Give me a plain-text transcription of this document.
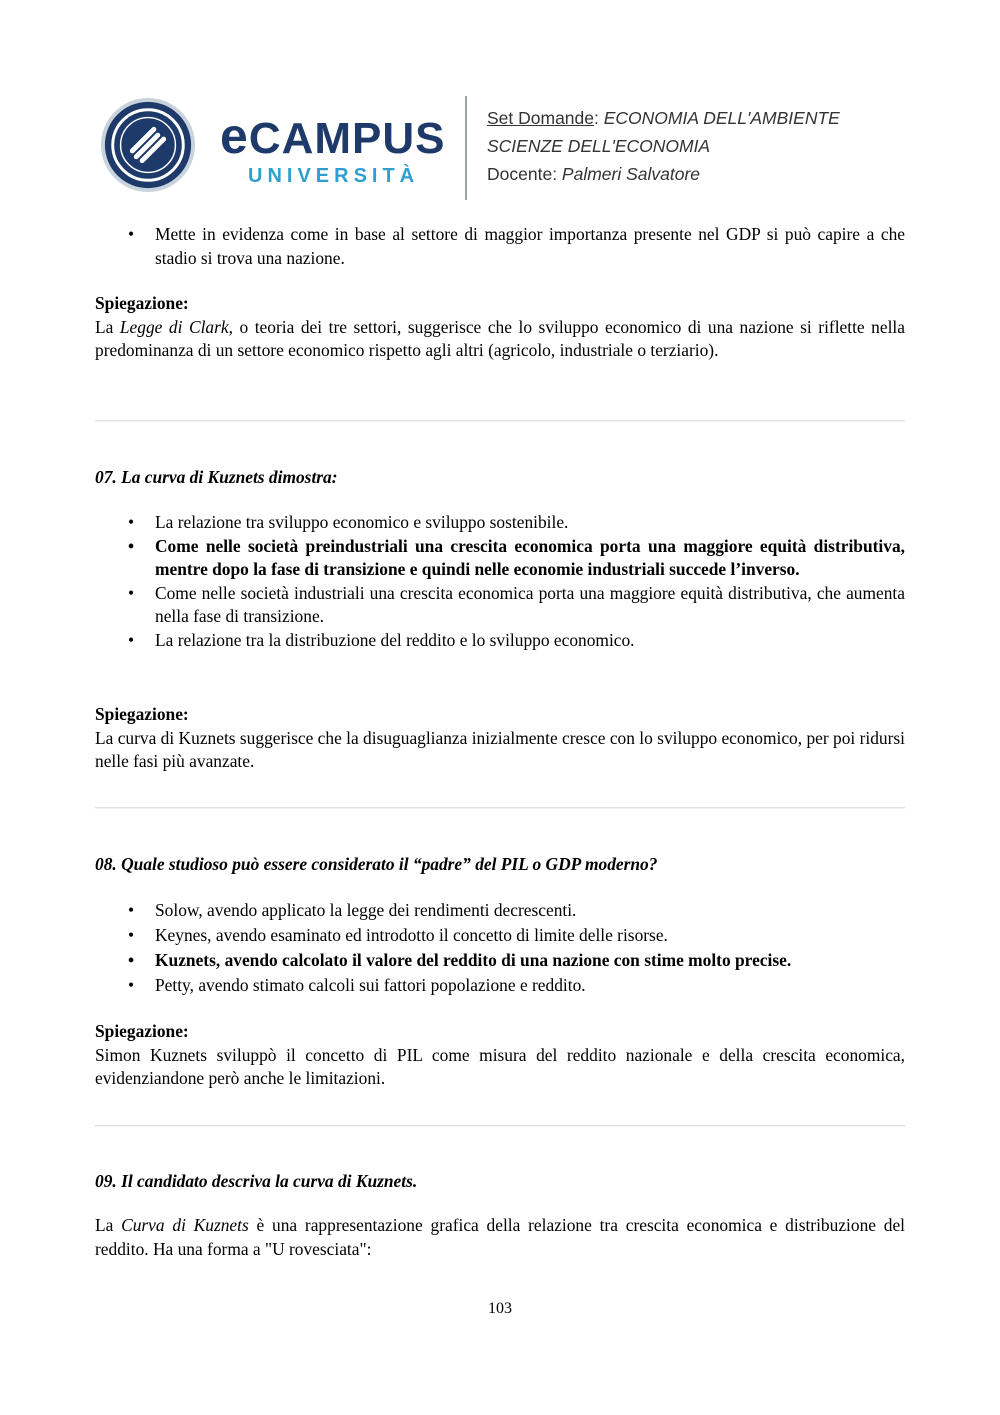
eCAMPUS
UNIVERSITÀ
Set Domande: ECONOMIA DELL'AMBIENTE
SCIENZE DELL'ECONOMIA
Docente: Palmeri Salvatore
• Mette in evidenza come in base al settore di maggior importanza presente nel GDP si può capire a che stadio si trova una nazione.
Spiegazione:
La Legge di Clark, o teoria dei tre settori, suggerisce che lo sviluppo economico di una nazione si riflette nella predominanza di un settore economico rispetto agli altri (agricolo, industriale o terziario).
07. La curva di Kuznets dimostra:
• La relazione tra sviluppo economico e sviluppo sostenibile.
• Come nelle società preindustriali una crescita economica porta una maggiore equità distributiva, mentre dopo la fase di transizione e quindi nelle economie industriali succede l’inverso.
• Come nelle società industriali una crescita economica porta una maggiore equità distributiva, che aumenta nella fase di transizione.
• La relazione tra la distribuzione del reddito e lo sviluppo economico.
Spiegazione:
La curva di Kuznets suggerisce che la disuguaglianza inizialmente cresce con lo sviluppo economico, per poi ridursi nelle fasi più avanzate.
08. Quale studioso può essere considerato il “padre” del PIL o GDP moderno?
• Solow, avendo applicato la legge dei rendimenti decrescenti.
• Keynes, avendo esaminato ed introdotto il concetto di limite delle risorse.
• Kuznets, avendo calcolato il valore del reddito di una nazione con stime molto precise.
• Petty, avendo stimato calcoli sui fattori popolazione e reddito.
Spiegazione:
Simon Kuznets sviluppò il concetto di PIL come misura del reddito nazionale e della crescita economica, evidenziandone però anche le limitazioni.
09. Il candidato descriva la curva di Kuznets.
La Curva di Kuznets è una rappresentazione grafica della relazione tra crescita economica e distribuzione del reddito. Ha una forma a "U rovesciata":
103
